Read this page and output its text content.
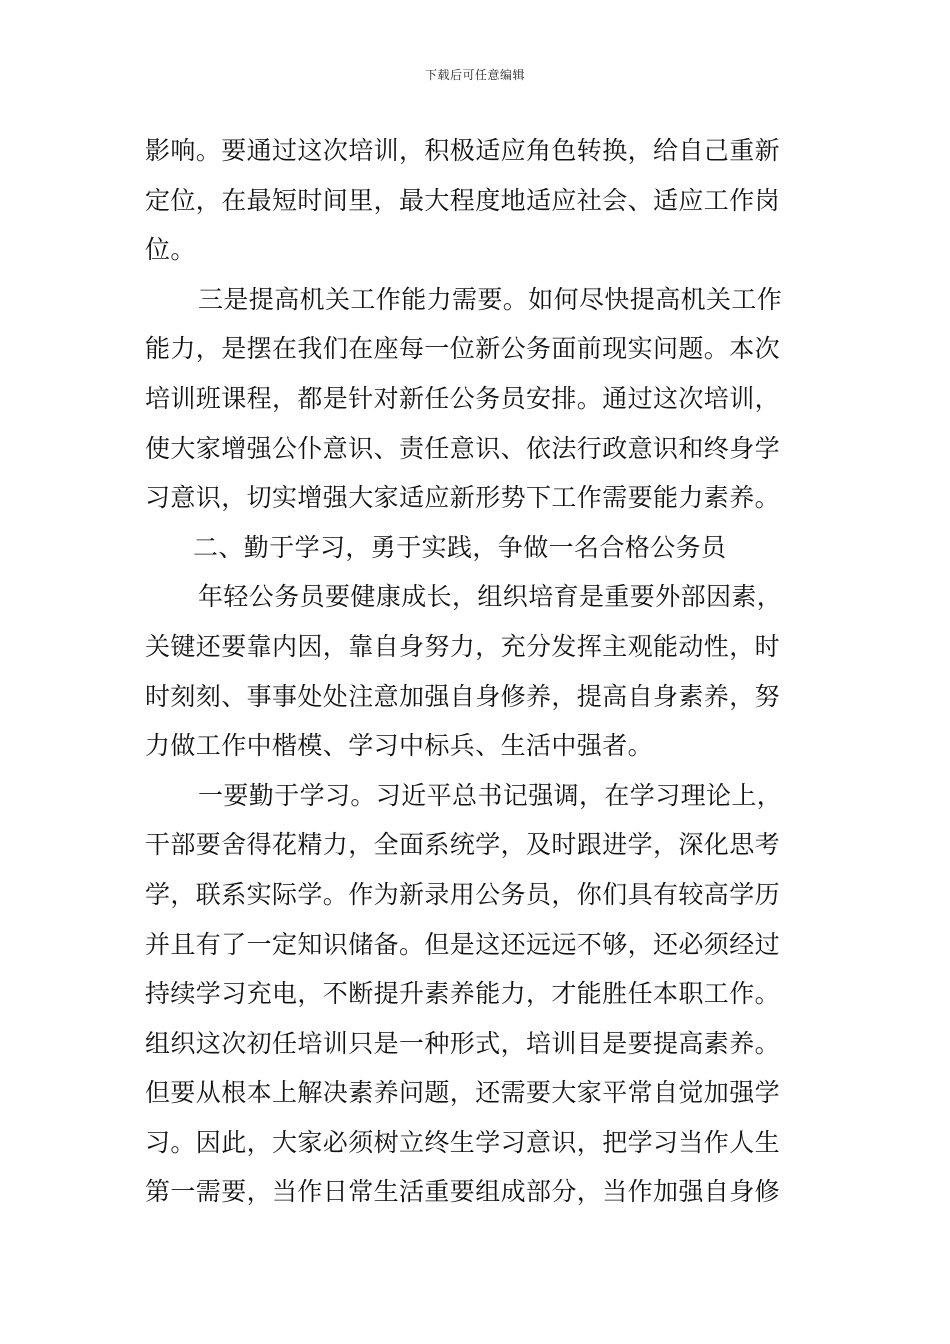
下载后可任意编辑
影响。要通过这次培训，积极适应角色转换，给自己重新
定位，在最短时间里，最大程度地适应社会、适应工作岗
位。
三是提高机关工作能力需要。如何尽快提高机关工作
能力，是摆在我们在座每一位新公务面前现实问题。本次
培训班课程，都是针对新任公务员安排。通过这次培训，
使大家增强公仆意识、责任意识、依法行政意识和终身学
习意识，切实增强大家适应新形势下工作需要能力素养。
二、勤于学习，勇于实践，争做一名合格公务员
年轻公务员要健康成长，组织培育是重要外部因素，
关键还要靠内因，靠自身努力，充分发挥主观能动性，时
时刻刻、事事处处注意加强自身修养，提高自身素养，努
力做工作中楷模、学习中标兵、生活中强者。
一要勤于学习。习近平总书记强调，在学习理论上，
干部要舍得花精力，全面系统学，及时跟进学，深化思考
学，联系实际学。作为新录用公务员，你们具有较高学历
并且有了一定知识储备。但是这还远远不够，还必须经过
持续学习充电，不断提升素养能力，才能胜任本职工作。
组织这次初任培训只是一种形式，培训目是要提高素养。
但要从根本上解决素养问题，还需要大家平常自觉加强学
习。因此，大家必须树立终生学习意识，把学习当作人生
第一需要，当作日常生活重要组成部分，当作加强自身修
